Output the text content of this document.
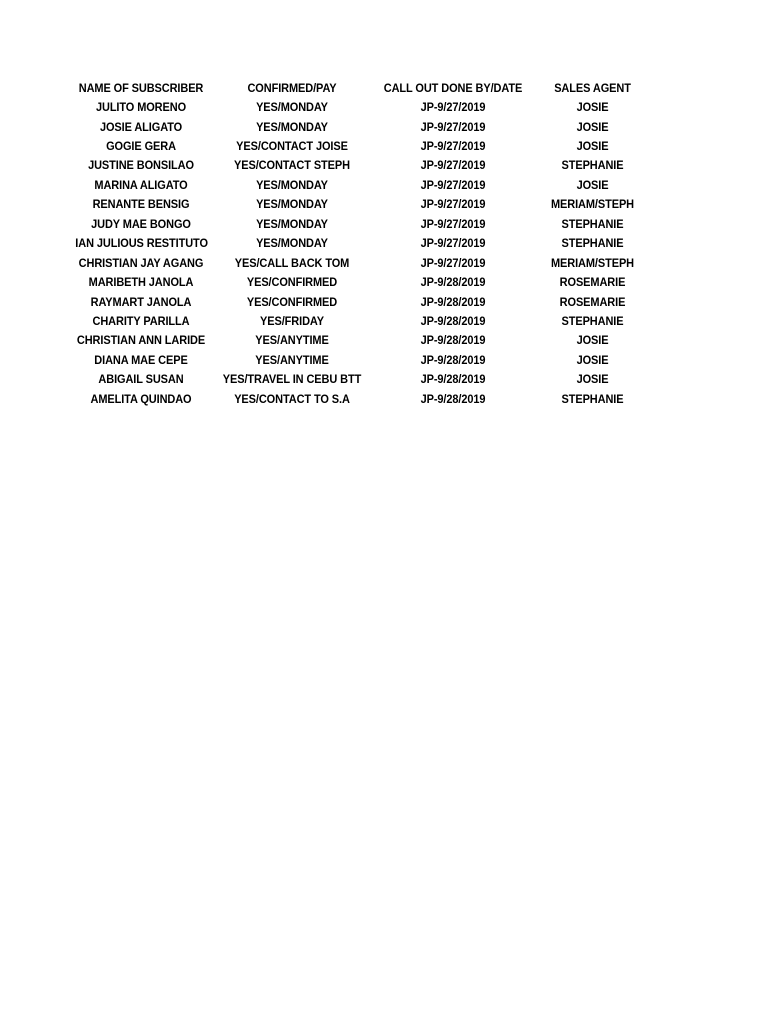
NAME OF SUBSCRIBER	CONFIRMED/PAY	CALL OUT DONE BY/DATE	SALES AGENT
JULITO MORENO	YES/MONDAY	JP-9/27/2019	JOSIE
JOSIE ALIGATO	YES/MONDAY	JP-9/27/2019	JOSIE
GOGIE GERA	YES/CONTACT JOISE	JP-9/27/2019	JOSIE
JUSTINE BONSILAO	YES/CONTACT STEPH	JP-9/27/2019	STEPHANIE
MARINA ALIGATO	YES/MONDAY	JP-9/27/2019	JOSIE
RENANTE BENSIG	YES/MONDAY	JP-9/27/2019	MERIAM/STEPH
JUDY MAE BONGO	YES/MONDAY	JP-9/27/2019	STEPHANIE
IAN JULIOUS RESTITUTO	YES/MONDAY	JP-9/27/2019	STEPHANIE
CHRISTIAN JAY AGANG	YES/CALL BACK TOM	JP-9/27/2019	MERIAM/STEPH
MARIBETH JANOLA	YES/CONFIRMED	JP-9/28/2019	ROSEMARIE
RAYMART JANOLA	YES/CONFIRMED	JP-9/28/2019	ROSEMARIE
CHARITY PARILLA	YES/FRIDAY	JP-9/28/2019	STEPHANIE
CHRISTIAN ANN LARIDE	YES/ANYTIME	JP-9/28/2019	JOSIE
DIANA MAE CEPE	YES/ANYTIME	JP-9/28/2019	JOSIE
ABIGAIL SUSAN	YES/TRAVEL IN CEBU BTT	JP-9/28/2019	JOSIE
AMELITA QUINDAO	YES/CONTACT TO S.A	JP-9/28/2019	STEPHANIE
